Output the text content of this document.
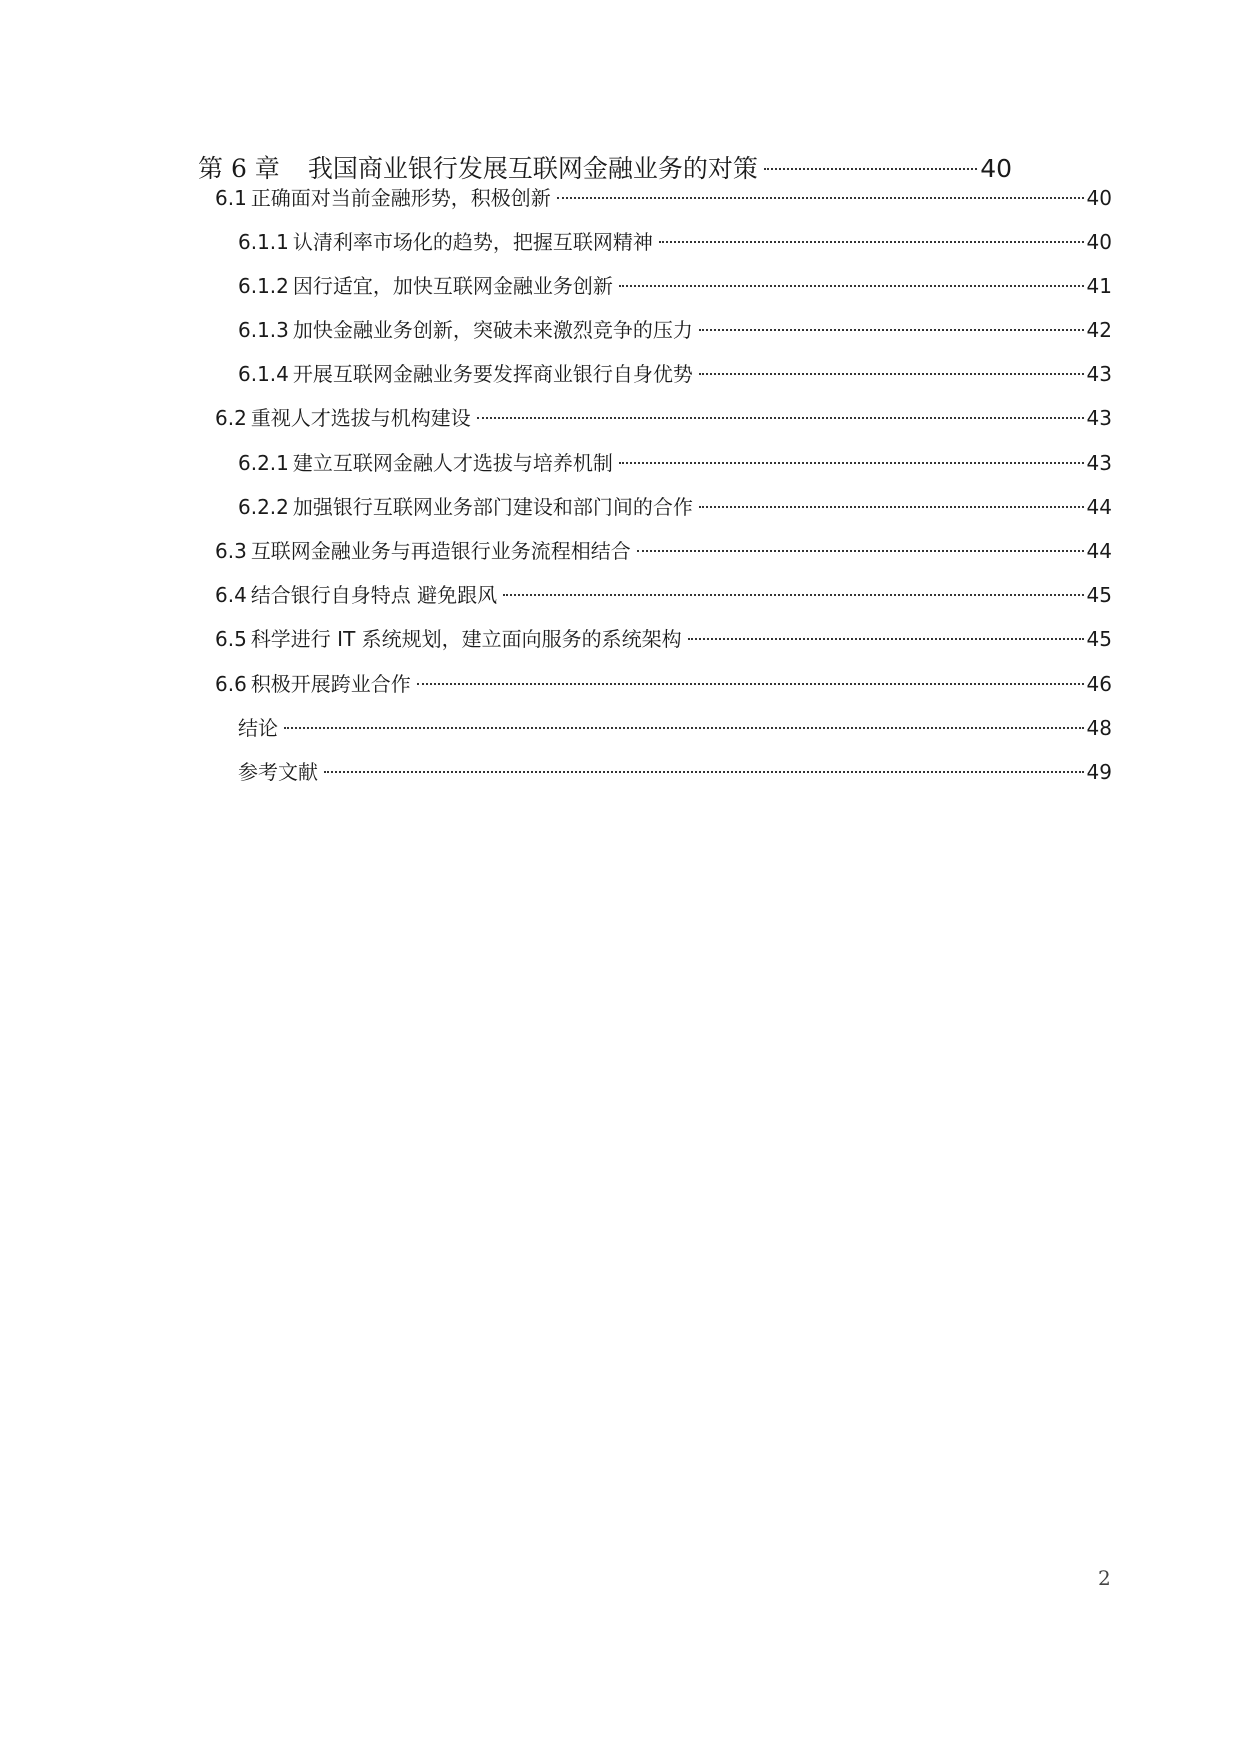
第 6 章 我国商业银行发展互联网金融业务的对策	40
6.1 正确面对当前金融形势，积极创新	40
6.1.1 认清利率市场化的趋势，把握互联网精神	40
6.1.2 因行适宜，加快互联网金融业务创新	41
6.1.3 加快金融业务创新，突破未来激烈竞争的压力	42
6.1.4 开展互联网金融业务要发挥商业银行自身优势	43
6.2 重视人才选拔与机构建设	43
6.2.1 建立互联网金融人才选拔与培养机制	43
6.2.2 加强银行互联网业务部门建设和部门间的合作	44
6.3 互联网金融业务与再造银行业务流程相结合	44
6.4 结合银行自身特点 避免跟风	45
6.5 科学进行 IT 系统规划，建立面向服务的系统架构	45
6.6 积极开展跨业合作	46
结论	48
参考文献	49
2
